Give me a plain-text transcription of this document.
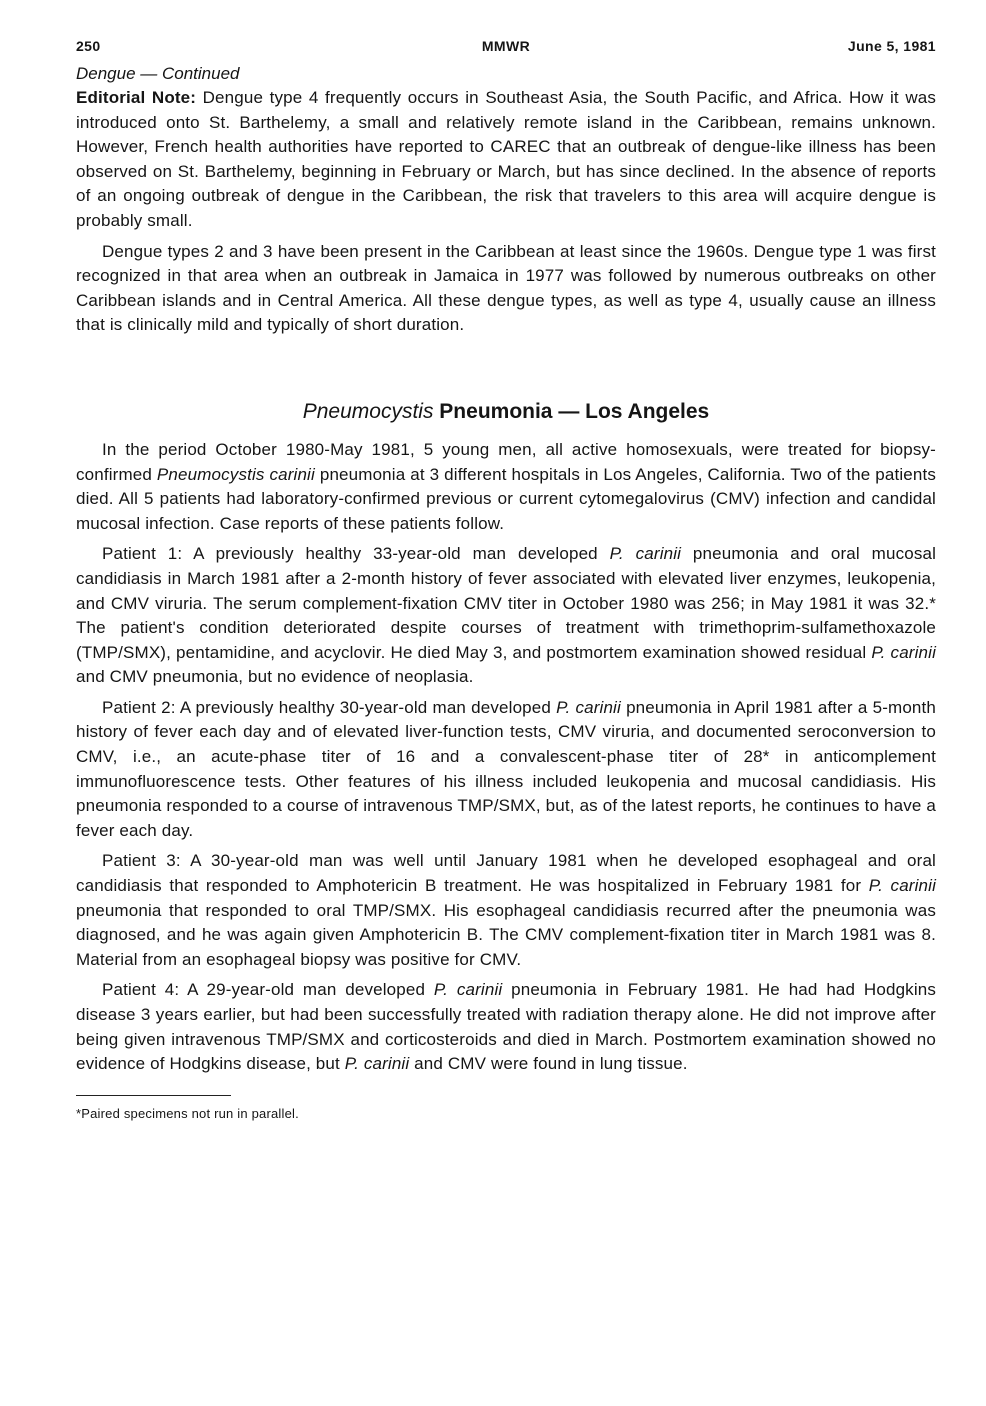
250	MMWR	June 5, 1981
Dengue — Continued

Editorial Note: Dengue type 4 frequently occurs in Southeast Asia, the South Pacific, and Africa. How it was introduced onto St. Barthelemy, a small and relatively remote island in the Caribbean, remains unknown. However, French health authorities have reported to CAREC that an outbreak of dengue-like illness has been observed on St. Barthelemy, beginning in February or March, but has since declined. In the absence of reports of an ongoing outbreak of dengue in the Caribbean, the risk that travelers to this area will acquire dengue is probably small.

Dengue types 2 and 3 have been present in the Caribbean at least since the 1960s. Dengue type 1 was first recognized in that area when an outbreak in Jamaica in 1977 was followed by numerous outbreaks on other Caribbean islands and in Central America. All these dengue types, as well as type 4, usually cause an illness that is clinically mild and typically of short duration.

Pneumocystis Pneumonia — Los Angeles

In the period October 1980-May 1981, 5 young men, all active homosexuals, were treated for biopsy-confirmed Pneumocystis carinii pneumonia at 3 different hospitals in Los Angeles, California. Two of the patients died. All 5 patients had laboratory-confirmed previous or current cytomegalovirus (CMV) infection and candidal mucosal infection. Case reports of these patients follow.

Patient 1: A previously healthy 33-year-old man developed P. carinii pneumonia and oral mucosal candidiasis in March 1981 after a 2-month history of fever associated with elevated liver enzymes, leukopenia, and CMV viruria. The serum complement-fixation CMV titer in October 1980 was 256; in May 1981 it was 32.* The patient's condition deteriorated despite courses of treatment with trimethoprim-sulfamethoxazole (TMP/SMX), pentamidine, and acyclovir. He died May 3, and postmortem examination showed residual P. carinii and CMV pneumonia, but no evidence of neoplasia.

Patient 2: A previously healthy 30-year-old man developed P. carinii pneumonia in April 1981 after a 5-month history of fever each day and of elevated liver-function tests, CMV viruria, and documented seroconversion to CMV, i.e., an acute-phase titer of 16 and a convalescent-phase titer of 28* in anticomplement immunofluorescence tests. Other features of his illness included leukopenia and mucosal candidiasis. His pneumonia responded to a course of intravenous TMP/SMX, but, as of the latest reports, he continues to have a fever each day.

Patient 3: A 30-year-old man was well until January 1981 when he developed esophageal and oral candidiasis that responded to Amphotericin B treatment. He was hospitalized in February 1981 for P. carinii pneumonia that responded to oral TMP/SMX. His esophageal candidiasis recurred after the pneumonia was diagnosed, and he was again given Amphotericin B. The CMV complement-fixation titer in March 1981 was 8. Material from an esophageal biopsy was positive for CMV.

Patient 4: A 29-year-old man developed P. carinii pneumonia in February 1981. He had had Hodgkins disease 3 years earlier, but had been successfully treated with radiation therapy alone. He did not improve after being given intravenous TMP/SMX and corticosteroids and died in March. Postmortem examination showed no evidence of Hodgkins disease, but P. carinii and CMV were found in lung tissue.

*Paired specimens not run in parallel.
